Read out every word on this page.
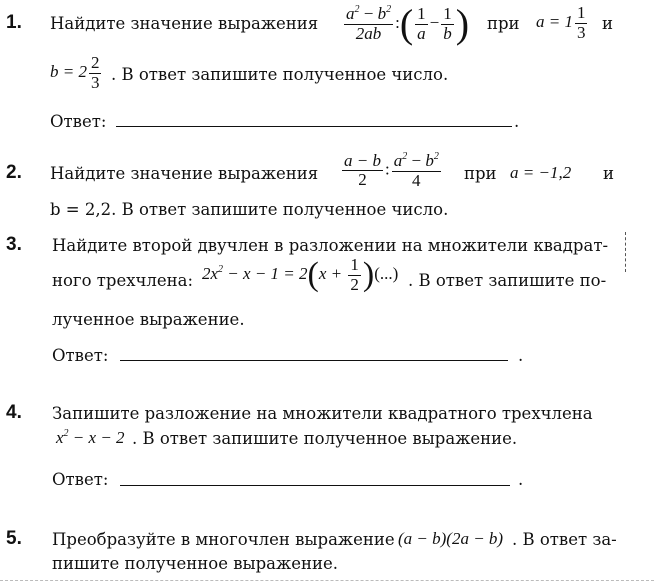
1. Найдите значение выражения $\frac{a^2 - b^2}{2ab}$ :( $\frac{1}{a} - \frac{1}{b}$ ) при $a = 1 \frac{1}{3}$ и
$b = 2 \frac{2}{3}$ . В ответ запишите полученное число.
Ответ:	.
2. Найдите значение выражения $\frac{a - b}{2}$ : $\frac{a^2 - b^2}{4}$ при a = −1,2 и
b = 2,2. В ответ запишите полученное число.
3. Найдите второй двучлен в разложении на множители квадрат-
ного трехчлена: $2x^2 - x - 1 = 2(x + \frac{1}{2}$ )(...) . В ответ запишите по-
лученное выражение.
Ответ:	.
4. Запишите разложение на множители квадратного трехчлена
$x^2 - x - 2$ . В ответ запишите полученное выражение.
Ответ:	.
5. Преобразуйте в многочлен выражение (a − b)(2a − b) . В ответ за-
пишите полученное выражение.
